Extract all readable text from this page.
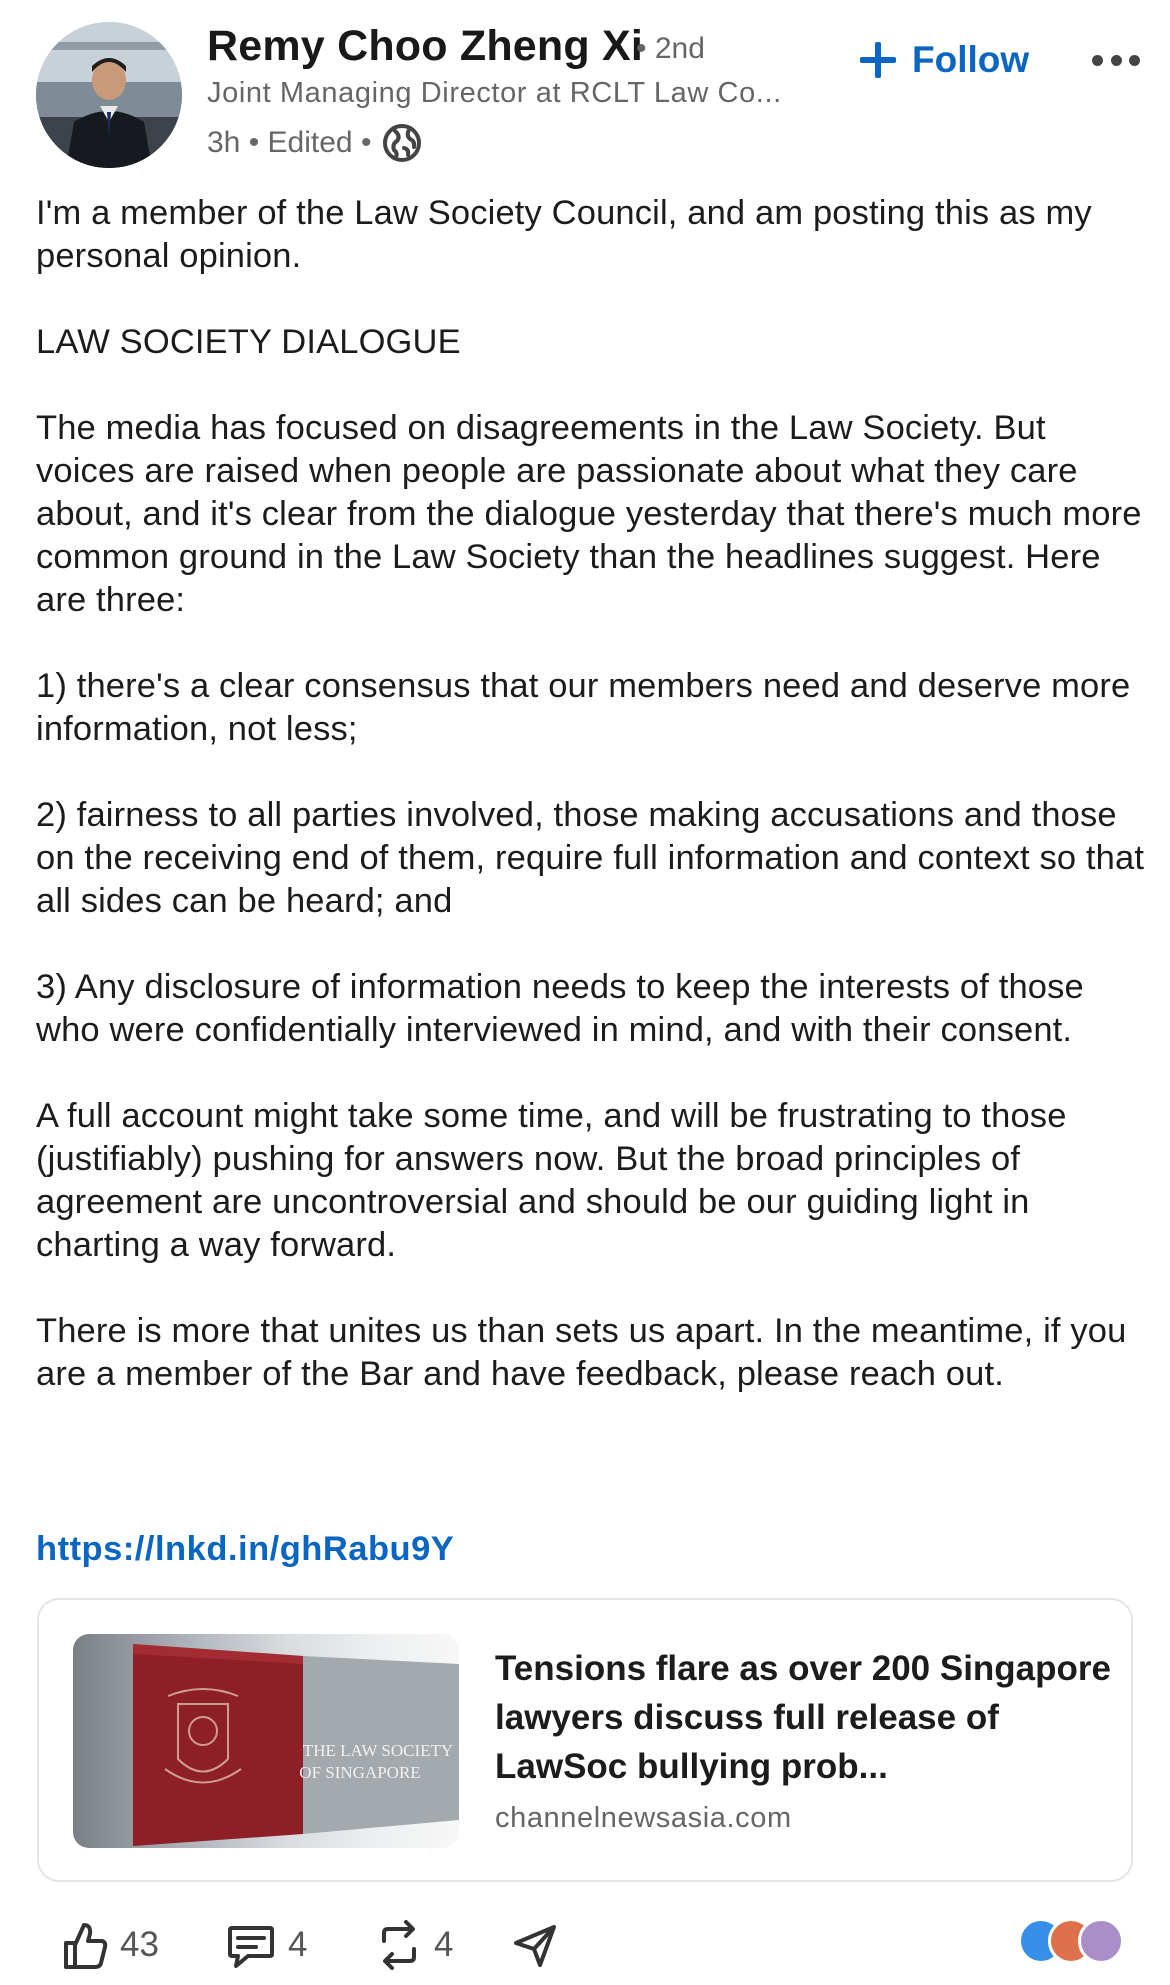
Remy Choo Zheng Xi
• 2nd
Joint Managing Director at RCLT Law Co...
3h • Edited •
Follow

I'm a member of the Law Society Council, and am posting this as my personal opinion.

LAW SOCIETY DIALOGUE

The media has focused on disagreements in the Law Society. But voices are raised when people are passionate about what they care about, and it's clear from the dialogue yesterday that there's much more common ground in the Law Society than the headlines suggest. Here are three:

1) there's a clear consensus that our members need and deserve more information, not less;

2) fairness to all parties involved, those making accusations and those on the receiving end of them, require full information and context so that all sides can be heard; and

3) Any disclosure of information needs to keep the interests of those who were confidentially interviewed in mind, and with their consent.

A full account might take some time, and will be frustrating to those (justifiably) pushing for answers now. But the broad principles of agreement are uncontroversial and should be our guiding light in charting a way forward.

There is more that unites us than sets us apart. In the meantime, if you are a member of the Bar and have feedback, please reach out.

https://lnkd.in/ghRabu9Y
THE LAW SOCIETY
OF SINGAPORE
Tensions flare as over 200 Singapore lawyers discuss full release of LawSoc bullying prob...
channelnewsasia.com
43	4	4
